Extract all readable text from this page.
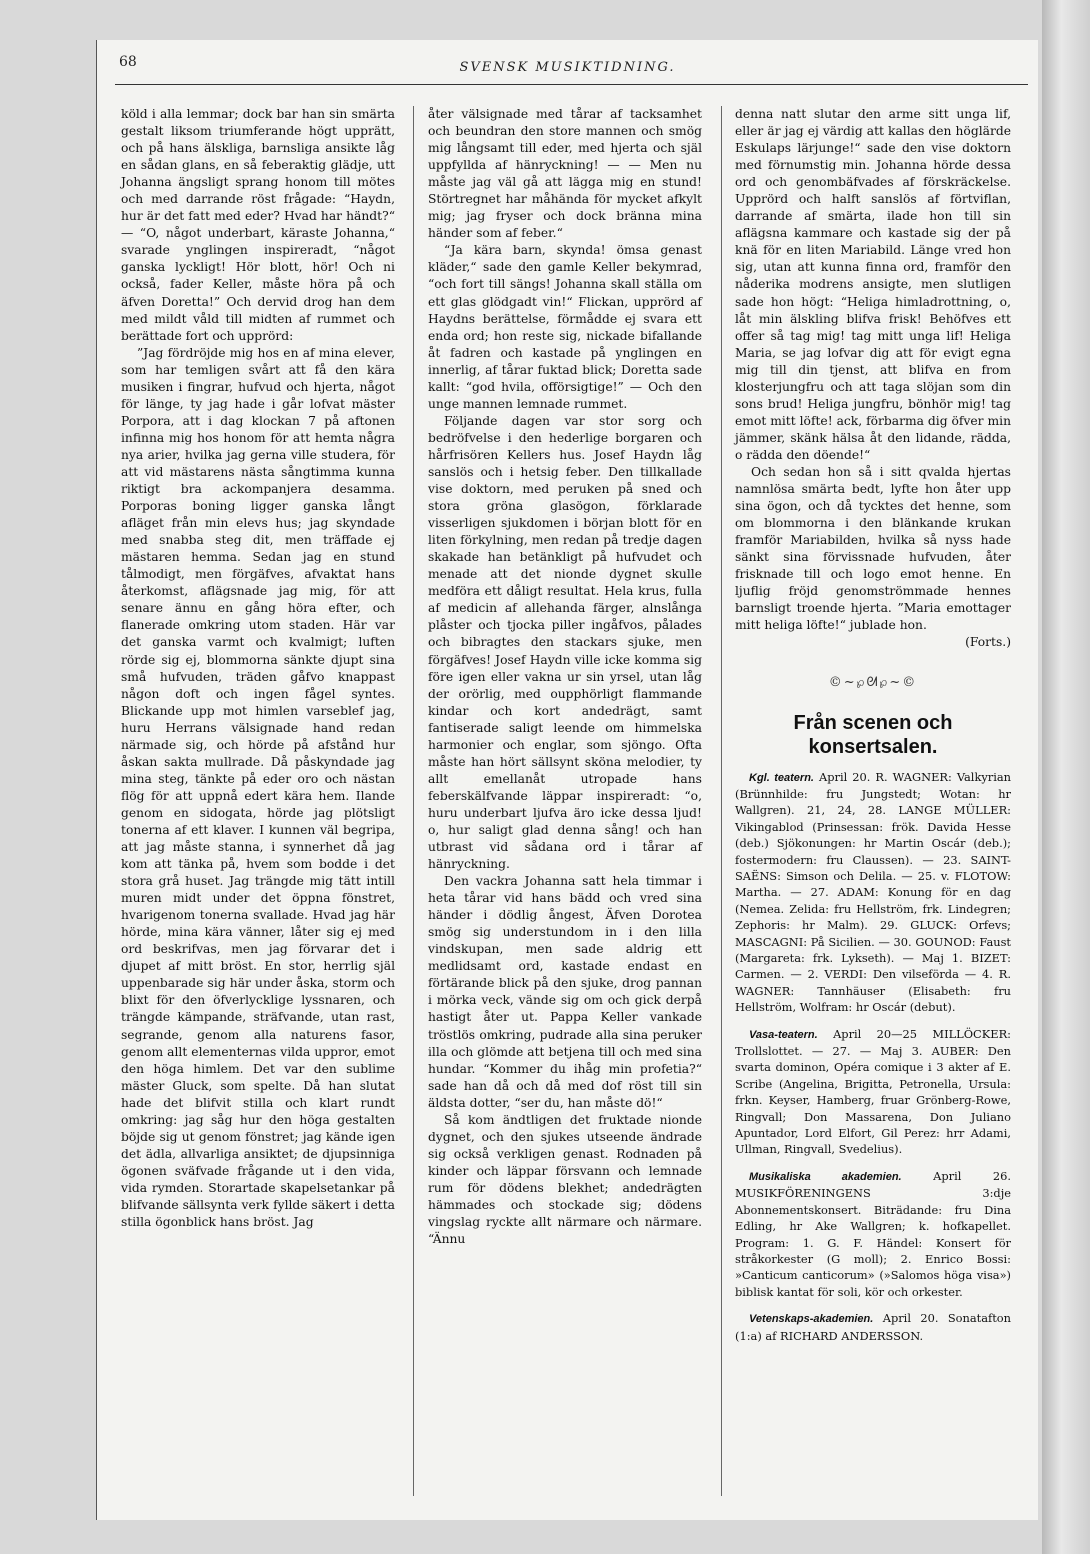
68	SVENSK MUSIKTIDNING.

köld i alla lemmar; dock bar han sin smärta gestalt liksom triumferande högt upprätt, och på hans älskliga, barnsliga ansikte låg en sådan glans, en så feberaktig glädje, utt Johanna ängsligt sprang honom till mötes och med darrande röst frågade: “Haydn, hur är det fatt med eder? Hvad har händt?“ — “O, något underbart, käraste Johanna,“ svarade ynglingen inspireradt, “något ganska lyckligt! Hör blott, hör! Och ni också, fader Keller, måste höra på och äfven Doretta!” Och dervid drog han dem med mildt våld till midten af rummet och berättade fort och upprörd:

”Jag fördröjde mig hos en af mina elever, som har temligen svårt att få den kära musiken i fingrar, hufvud och hjerta, något för länge, ty jag hade i går lofvat mäster Porpora, att i dag klockan 7 på aftonen infinna mig hos honom för att hemta några nya arier, hvilka jag gerna ville studera, för att vid mästarens nästa sångtimma kunna riktigt bra ackompanjera desamma. Porporas boning ligger ganska långt afläget från min elevs hus; jag skyndade med snabba steg dit, men träffade ej mästaren hemma. Sedan jag en stund tålmodigt, men förgäfves, afvaktat hans återkomst, aflägsnade jag mig, för att senare ännu en gång höra efter, och flanerade omkring utom staden. Här var det ganska varmt och kvalmigt; luften rörde sig ej, blommorna sänkte djupt sina små hufvuden, träden gåfvo knappast någon doft och ingen fågel syntes. Blickande upp mot himlen varseblef jag, huru Herrans välsignade hand redan närmade sig, och hörde på afstånd hur åskan sakta mullrade. Då påskyndade jag mina steg, tänkte på eder oro och nästan flög för att uppnå edert kära hem. Ilande genom en sidogata, hörde jag plötsligt tonerna af ett klaver. I kunnen väl begripa, att jag måste stanna, i synnerhet då jag kom att tänka på, hvem som bodde i det stora grå huset. Jag trängde mig tätt intill muren midt under det öppna fönstret, hvarigenom tonerna svallade. Hvad jag här hörde, mina kära vänner, låter sig ej med ord beskrifvas, men jag förvarar det i djupet af mitt bröst. En stor, herrlig själ uppenbarade sig här under åska, storm och blixt för den öfverlycklige lyssnaren, och trängde kämpande, sträfvande, utan rast, segrande, genom alla naturens fasor, genom allt elementernas vilda uppror, emot den höga himlem. Det var den sublime mäster Gluck, som spelte. Då han slutat hade det blifvit stilla och klart rundt omkring: jag såg hur den höga gestalten böjde sig ut genom fönstret; jag kände igen det ädla, allvarliga ansiktet; de djupsinniga ögonen sväfvade frågande ut i den vida, vida rymden. Storartade skapelsetankar på blifvande sällsynta verk fyllde säkert i detta stilla ögonblick hans bröst. Jag

åter välsignade med tårar af tacksamhet och beundran den store mannen och smög mig långsamt till eder, med hjerta och själ uppfyllda af hänryckning! — — Men nu måste jag väl gå att lägga mig en stund! Störtregnet har måhända för mycket afkylt mig; jag fryser och dock bränna mina händer som af feber.“

“Ja kära barn, skynda! ömsa genast kläder,“ sade den gamle Keller bekymrad, “och fort till sängs! Johanna skall ställa om ett glas glödgadt vin!“ Flickan, upprörd af Haydns berättelse, förmådde ej svara ett enda ord; hon reste sig, nickade bifallande åt fadren och kastade på ynglingen en innerlig, af tårar fuktad blick; Doretta sade kallt: “god hvila, offörsigtige!” — Och den unge mannen lemnade rummet.

Följande dagen var stor sorg och bedröfvelse i den hederlige borgaren och hårfrisören Kellers hus. Josef Haydn låg sanslös och i hetsig feber. Den tillkallade vise doktorn, med peruken på sned och stora gröna glasögon, förklarade visserligen sjukdomen i början blott för en liten förkylning, men redan på tredje dagen skakade han betänkligt på hufvudet och menade att det nionde dygnet skulle medföra ett dåligt resultat. Hela krus, fulla af medicin af allehanda färger, alnslånga plåster och tjocka piller ingåfvos, pålades och bibragtes den stackars sjuke, men förgäfves! Josef Haydn ville icke komma sig före igen eller vakna ur sin yrsel, utan låg der orörlig, med oupphörligt flammande kindar och kort andedrägt, samt fantiserade saligt leende om himmelska harmonier och englar, som sjöngo. Ofta måste han hört sällsynt sköna melodier, ty allt emellanåt utropade hans feberskälfvande läppar inspireradt: “o, huru underbart ljufva äro icke dessa ljud! o, hur saligt glad denna sång! och han utbrast vid sådana ord i tårar af hänryckning.

Den vackra Johanna satt hela timmar i heta tårar vid hans bädd och vred sina händer i dödlig ångest, Äfven Dorotea smög sig understundom in i den lilla vindskupan, men sade aldrig ett medlidsamt ord, kastade endast en förtärande blick på den sjuke, drog pannan i mörka veck, vände sig om och gick derpå hastigt åter ut. Pappa Keller vankade tröstlös omkring, pudrade alla sina peruker illa och glömde att betjena till och med sina hundar. “Kommer du ihåg min profetia?“ sade han då och då med dof röst till sin äldsta dotter, “ser du, han måste dö!“

Så kom ändtligen det fruktade nionde dygnet, och den sjukes utseende ändrade sig också verkligen genast. Rodnaden på kinder och läppar försvann och lemnade rum för dödens blekhet; andedrägten hämmades och stockade sig; dödens vingslag ryckte allt närmare och närmare. “Ännu

denna natt slutar den arme sitt unga lif, eller är jag ej värdig att kallas den höglärde Eskulaps lärjunge!“ sade den vise doktorn med förnumstig min. Johanna hörde dessa ord och genombäfvades af förskräckelse. Upprörd och halft sanslös af förtviflan, darrande af smärta, ilade hon till sin aflägsna kammare och kastade sig der på knä för en liten Mariabild. Länge vred hon sig, utan att kunna finna ord, framför den nåderika modrens ansigte, men slutligen sade hon högt: “Heliga himladrottning, o, låt min älskling blifva frisk! Behöfves ett offer så tag mig! tag mitt unga lif! Heliga Maria, se jag lofvar dig att för evigt egna mig till din tjenst, att blifva en from klosterjungfru och att taga slöjan som din sons brud! Heliga jungfru, bönhör mig! tag emot mitt löfte! ack, förbarma dig öfver min jämmer, skänk hälsa åt den lidande, rädda, o rädda den döende!“

Och sedan hon så i sitt qvalda hjertas namnlösa smärta bedt, lyfte hon åter upp sina ögon, och då tycktes det henne, som om blommorna i den blänkande krukan framför Mariabilden, hvilka så nyss hade sänkt sina förvissnade hufvuden, åter frisknade till och logo emot henne. En ljuflig fröjd genomströmmade hennes barnsligt troende hjerta. ”Maria emottager mitt heliga löfte!“ jublade hon.

(Forts.)

©~℘ᘛ℘~©
Från scenen och konsertsalen.

Kgl. teatern. April 20. R. WAGNER: Valkyrian (Brünnhilde: fru Jungstedt; Wotan: hr Wallgren). 21, 24, 28. LANGE MÜLLER: Vikingablod (Prinsessan: frök. Davida Hesse (deb.) Sjökonungen: hr Martin Oscár (deb.); fostermodern: fru Claussen). — 23. SAINT-SAËNS: Simson och Delila. — 25. v. FLOTOW: Martha. — 27. ADAM: Konung för en dag (Nemea. Zelida: fru Hellström, frk. Lindegren; Zephoris: hr Malm). 29. GLUCK: Orfevs; MASCAGNI: På Sicilien. — 30. GOUNOD: Faust (Margareta: frk. Lykseth). — Maj 1. BIZET: Carmen. — 2. VERDI: Den vilseförda — 4. R. WAGNER: Tannhäuser (Elisabeth: fru Hellström, Wolfram: hr Oscár (debut).

Vasa-teatern. April 20—25 MILLÖCKER: Trollslottet. — 27. — Maj 3. AUBER: Den svarta dominon, Opéra comique i 3 akter af E. Scribe (Angelina, Brigitta, Petronella, Ursula: frkn. Keyser, Hamberg, fruar Grönberg-Rowe, Ringvall; Don Massarena, Don Juliano Apuntador, Lord Elfort, Gil Perez: hrr Adami, Ullman, Ringvall, Svedelius).

Musikaliska akademien.	April 26. MUSIKFÖRENINGENS 3:dje Abonnementskonsert. Biträdande: fru Dina Edling, hr Ake Wallgren; k. hofkapellet. Program: 1. G. F. Händel: Konsert för stråkorkester (G moll); 2. Enrico Bossi: »Canticum canticorum» (»Salomos höga visa») biblisk kantat för soli, kör och orkester.

Vetenskaps-akademien. April 20. Sonatafton (1:a) af RICHARD ANDERSSON.
